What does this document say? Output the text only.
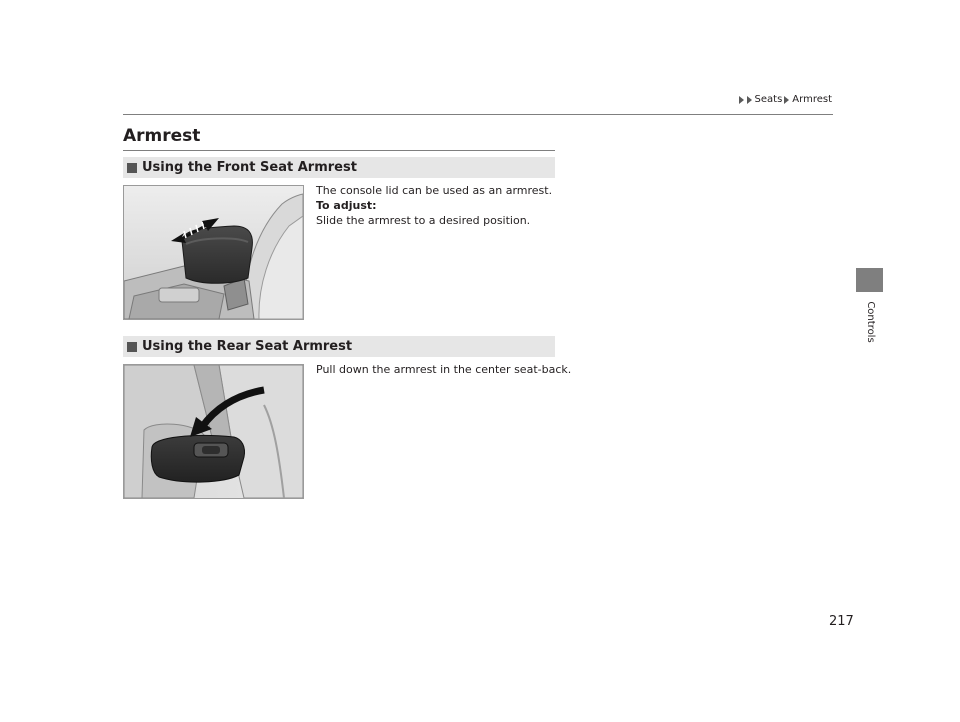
Seats Armrest
Controls
Armrest
Using the Front Seat Armrest
The console lid can be used as an armrest.
To adjust:
Slide the armrest to a desired position.
Using the Rear Seat Armrest
Pull down the armrest in the center seat-back.
217
